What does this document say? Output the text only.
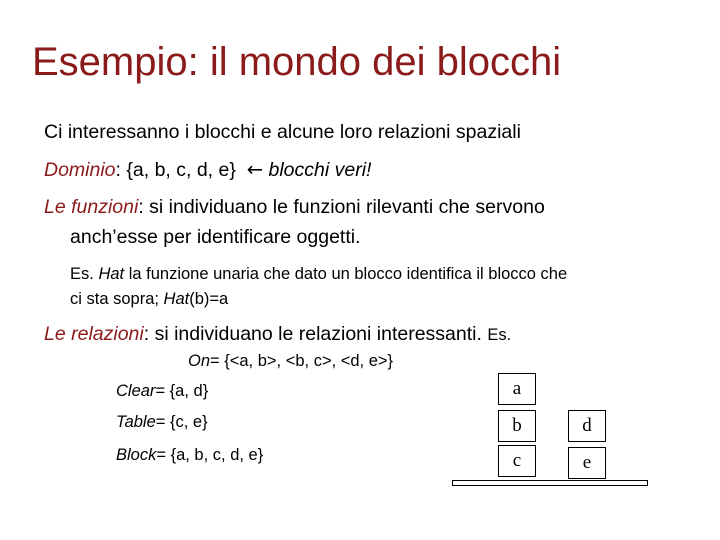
Esempio: il mondo dei blocchi
Ci interessanno i blocchi e alcune loro relazioni spaziali
Dominio: {a, b, c, d, e} ← blocchi veri!
Le funzioni: si individuano le funzioni rilevanti che servono
anch’esse per identificare oggetti.
Es. Hat la funzione unaria che dato un blocco identifica il blocco che
ci sta sopra; Hat(b)=a
Le relazioni: si individuano le relazioni interessanti. Es.
On= {<a, b>, <b, c>, <d, e>}
Clear= {a, d}
Table= {c, e}
Block= {a, b, c, d, e}
a
b
c
d
e
